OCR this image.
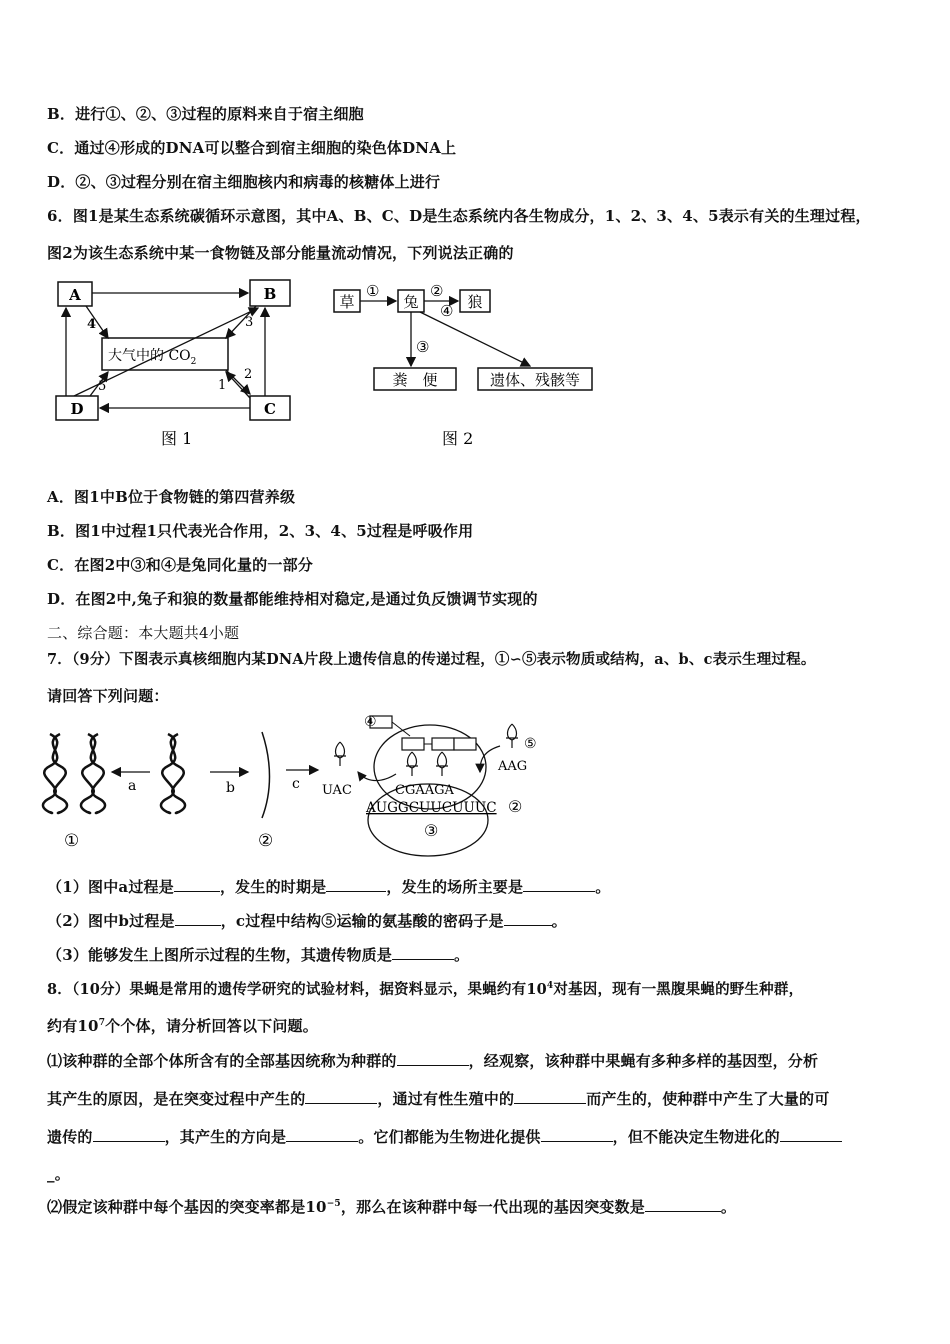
B．进行①、②、③过程的原料来自于宿主细胞
C．通过④形成的DNA可以整合到宿主细胞的染色体DNA上
D．②、③过程分别在宿主细胞核内和病毒的核糖体上进行
6．图1是某生态系统碳循环示意图，其中A、B、C、D是生态系统内各生物成分，1、2、3、4、5表示有关的生理过程，
图2为该生态系统中某一食物链及部分能量流动情况，下列说法正确的
A	B
D	C
大气中的 $CO_2$
4	3
2
1
5
图 1
草	兔	狼
粪　便	遗体、残骸等
①	②
④
③
图 2
A．图1中B位于食物链的第四营养级
B．图1中过程1只代表光合作用，2、3、4、5过程是呼吸作用
C．在图2中③和④是兔同化量的一部分
D．在图2中,兔子和狼的数量都能维持相对稳定,是通过负反馈调节实现的
二、综合题：本大题共4小题
7．（9分）下图表示真核细胞内某DNA片段上遗传信息的传递过程，①∽⑤表示物质或结构，a、b、c表示生理过程。
请回答下列问题：
a	b	c
①	②
④
⑤
UAC
AAG
CGAAGA
AUGGCUUCUUUC ②
③
（1）图中a过程是	，发生的时期是	，发生的场所主要是	。
（2）图中b过程是	，c过程中结构⑤运输的氨基酸的密码子是	。
（3）能够发生上图所示过程的生物，其遗传物质是	。
8．（10分）果蝇是常用的遗传学研究的试验材料，据资料显示，果蝇约有$10^4$对基因，现有一黑腹果蝇的野生种群，
约有$10^7$个个体，请分析回答以下问题。
⑴该种群的全部个体所含有的全部基因统称为种群的	，经观察，该种群中果蝇有多种多样的基因型，分析
其产生的原因，是在突变过程中产生的	，通过有性生殖中的	而产生的，使种群中产生了大量的可
遗传的	，其产生的方向是	。它们都能为生物进化提供	，但不能决定生物进化的
_。
⑵假定该种群中每个基因的突变率都是$10^{-5}$，那么在该种群中每一代出现的基因突变数是	。
